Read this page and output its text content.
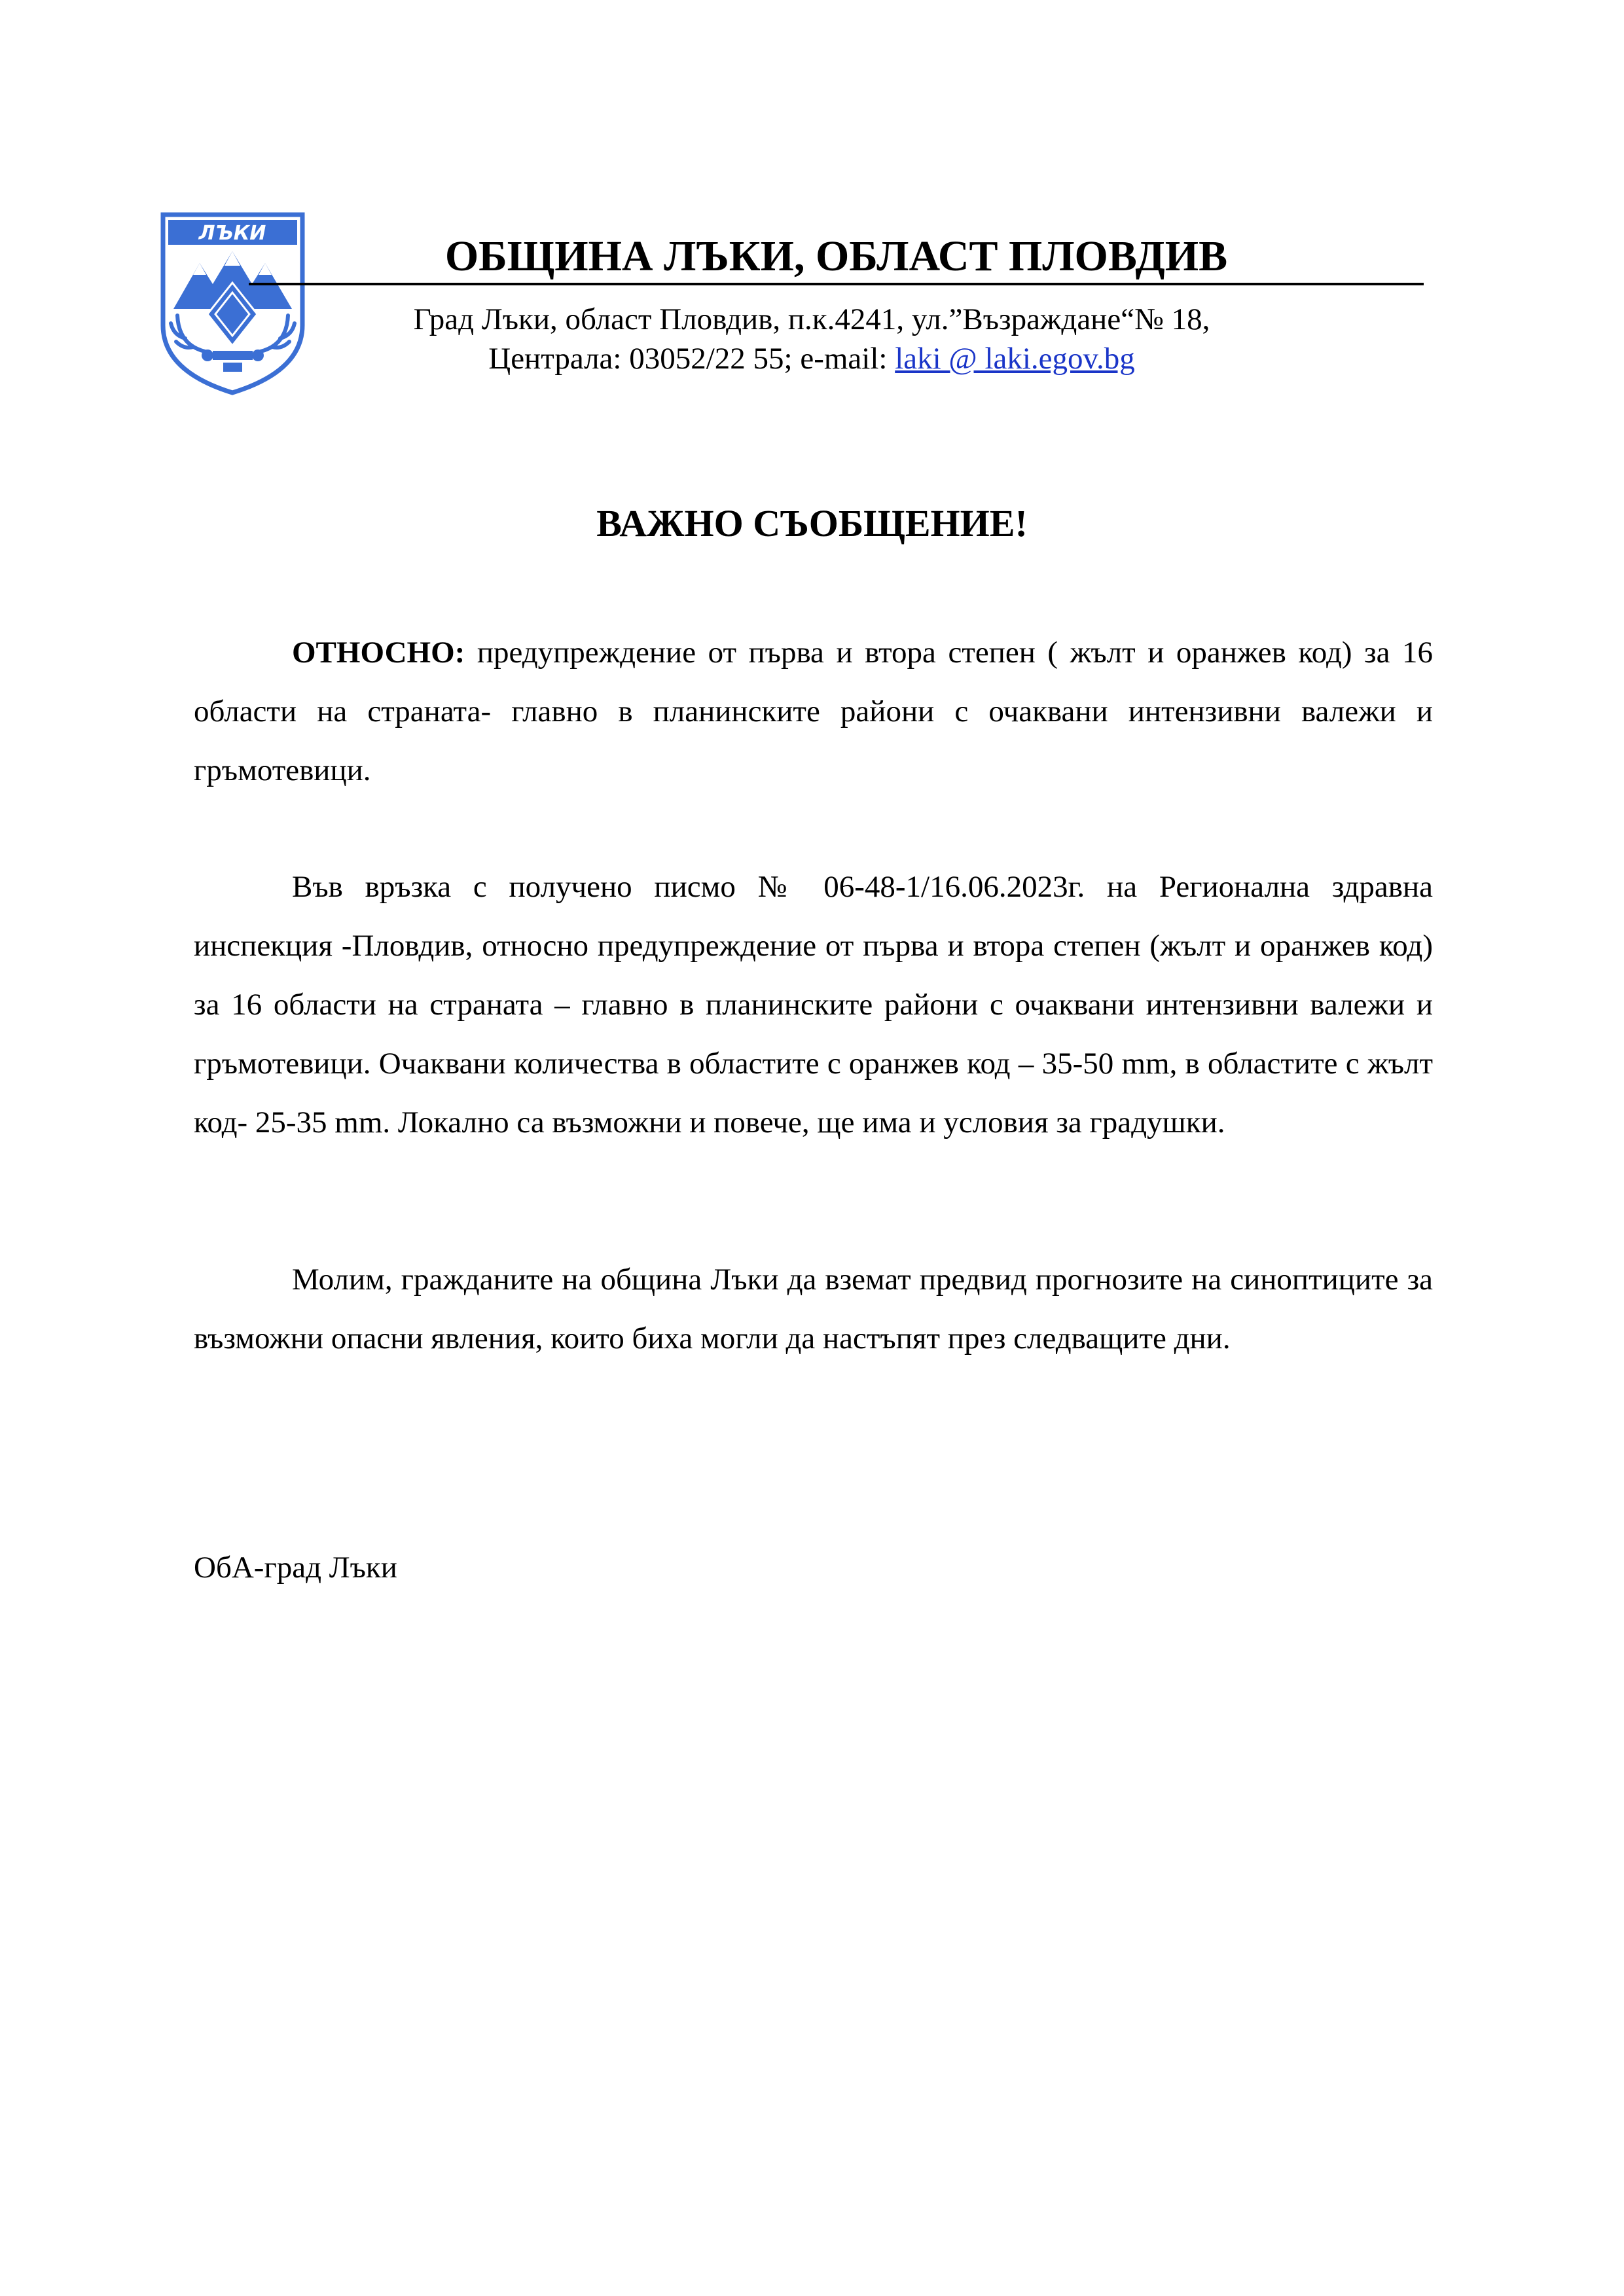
ЛЪКИ	ОБЩИНА ЛЪКИ, ОБЛАСТ ПЛОВДИВ
Град Лъки, област Пловдив, п.к.4241, ул.”Възраждане“№ 18,
Централа: 03052/22 55; e-mail: laki @ laki.egov.bg
ВАЖНО СЪОБЩЕНИЕ!

ОТНОСНО: предупреждение от първа и втора степен ( жълт и оранжев код) за 16 области на страната- главно в планинските райони с очаквани интензивни валежи и гръмотевици.

Във връзка с получено писмо № 06-48-1/16.06.2023г. на Регионална здравна инспекция -Пловдив, относно предупреждение от първа и втора степен (жълт и оранжев код) за 16 области на страната – главно в планинските райони с очаквани интензивни валежи и гръмотевици. Очаквани количества в областите с оранжев код – 35-50 mm, в областите с жълт код- 25-35 mm. Локално са възможни и повече, ще има и условия за градушки.

Молим, гражданите на община Лъки да вземат предвид прогнозите на синоптиците за възможни опасни явления, които биха могли да настъпят през следващите дни.

ОбА-град Лъки
